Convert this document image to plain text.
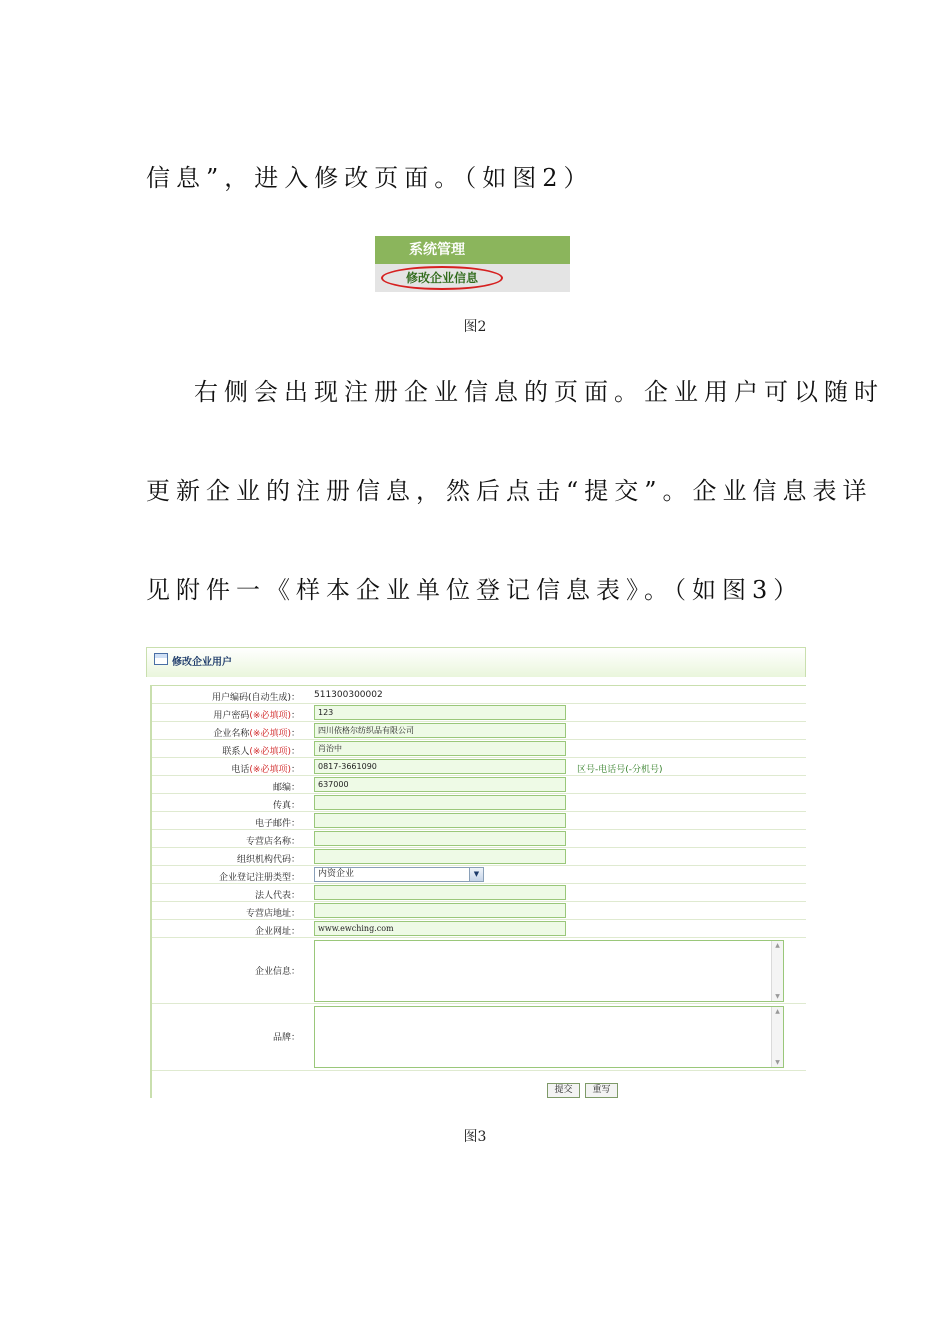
信息”，进入修改页面。（如图2）

系统管理
修改企业信息
图2

右侧会出现注册企业信息的页面。企业用户可以随时

更新企业的注册信息，然后点击“提交”。企业信息表详

见附件一《样本企业单位登记信息表》。（如图3）

修改企业用户
用户编码(自动生成)：	511300300002
用户密码(※必填项)：	123
企业名称(※必填项)：	四川依格尔纺织品有限公司
联系人(※必填项)：	肖治中
电话(※必填项)：	0817-3661090	区号-电话号(-分机号)
邮编：	637000
传真：
电子邮件：
专营店名称：
组织机构代码：
企业登记注册类型：	内资企业	▼
法人代表：
专营店地址：
企业网址：	www.ewching.com
企业信息：
▲
▼
品牌：
▲
▼
提交	重写
图3
